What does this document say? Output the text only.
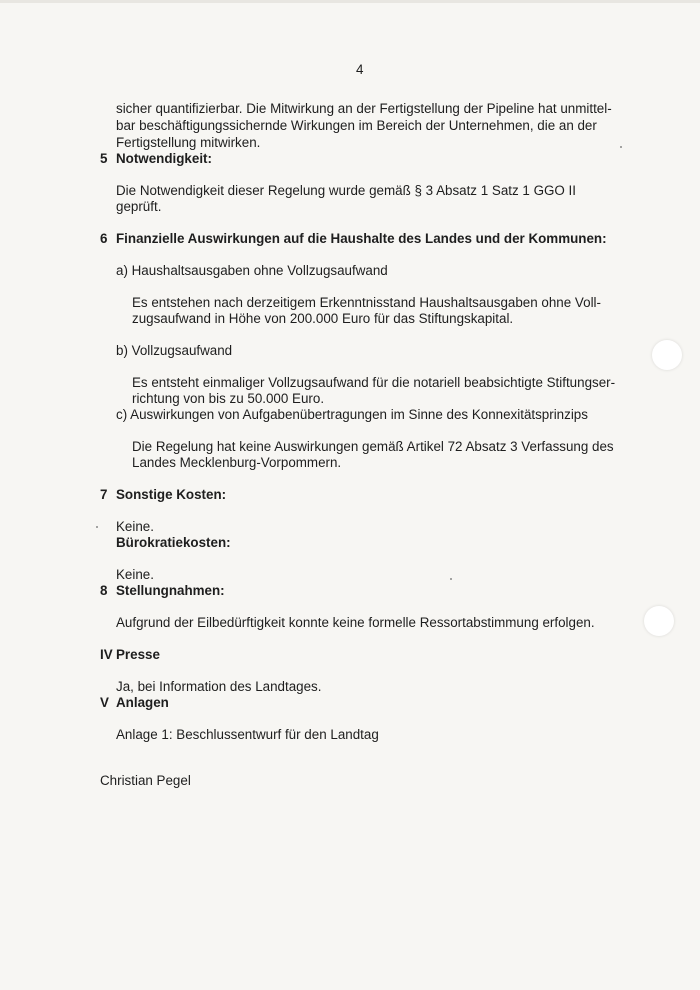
4
sicher quantifizierbar. Die Mitwirkung an der Fertigstellung der Pipeline hat unmittel-
bar beschäftigungssichernde Wirkungen im Bereich der Unternehmen, die an der
Fertigstellung mitwirken.
5 Notwendigkeit:
Die Notwendigkeit dieser Regelung wurde gemäß § 3 Absatz 1 Satz 1 GGO II
geprüft.
6 Finanzielle Auswirkungen auf die Haushalte des Landes und der Kommunen:
a) Haushaltsausgaben ohne Vollzugsaufwand
Es entstehen nach derzeitigem Erkenntnisstand Haushaltsausgaben ohne Voll-
zugsaufwand in Höhe von 200.000 Euro für das Stiftungskapital.
b) Vollzugsaufwand
Es entsteht einmaliger Vollzugsaufwand für die notariell beabsichtigte Stiftungser-
richtung von bis zu 50.000 Euro.
c) Auswirkungen von Aufgabenübertragungen im Sinne des Konnexitätsprinzips
Die Regelung hat keine Auswirkungen gemäß Artikel 72 Absatz 3 Verfassung des
Landes Mecklenburg-Vorpommern.
7 Sonstige Kosten:
Keine.
Bürokratiekosten:
Keine.
8 Stellungnahmen:
Aufgrund der Eilbedürftigkeit konnte keine formelle Ressortabstimmung erfolgen.
IV Presse
Ja, bei Information des Landtages.
V Anlagen
Anlage 1: Beschlussentwurf für den Landtag
Christian Pegel
